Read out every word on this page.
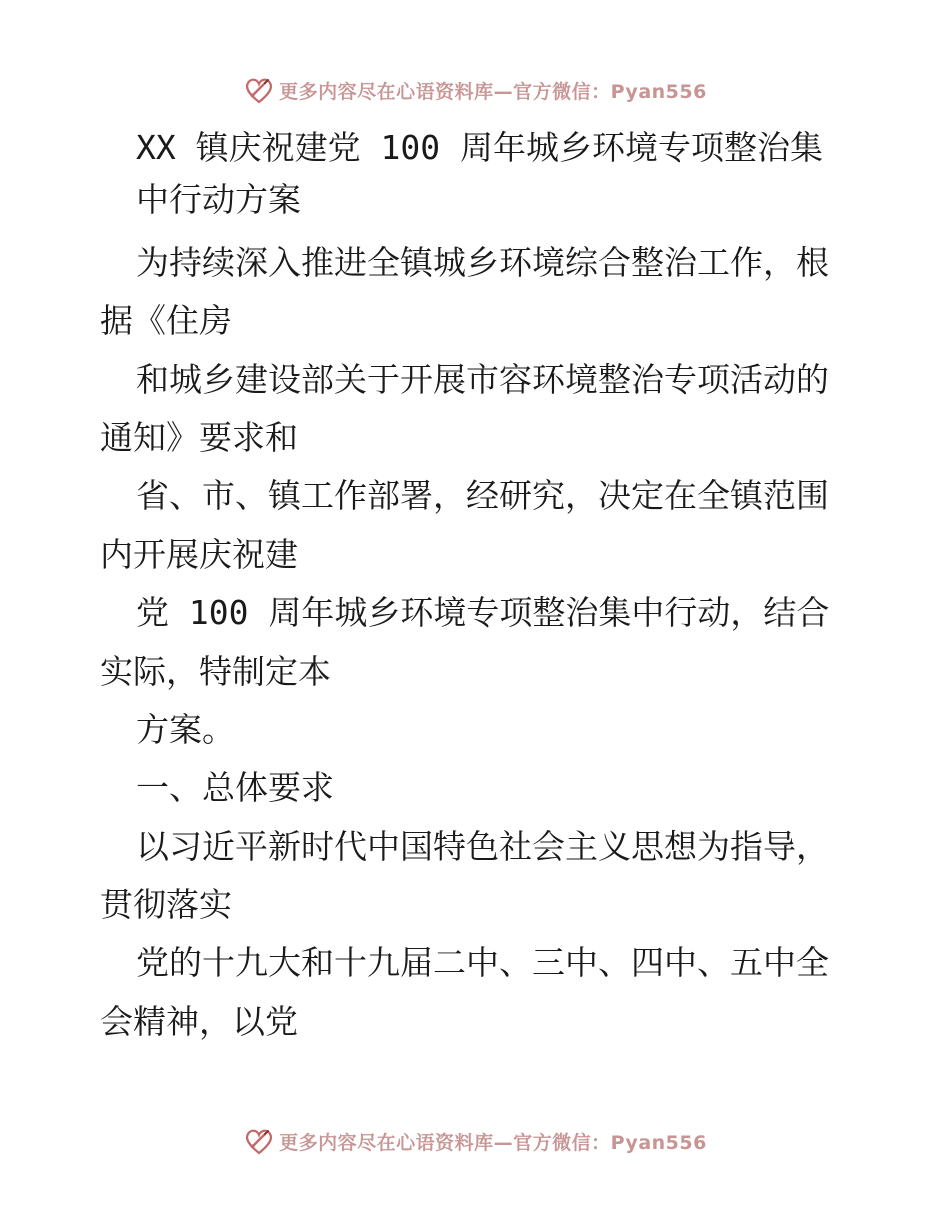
更多内容尽在心语资料库—官方微信：Pyan556
XX 镇庆祝建党 100 周年城乡环境专项整治集
中行动方案
为持续深入推进全镇城乡环境综合整治工作，根
据《住房
和城乡建设部关于开展市容环境整治专项活动的
通知》要求和
省、市、镇工作部署，经研究，决定在全镇范围
内开展庆祝建
党 100 周年城乡环境专项整治集中行动，结合
实际，特制定本
方案。
一、总体要求
以习近平新时代中国特色社会主义思想为指导，
贯彻落实
党的十九大和十九届二中、三中、四中、五中全
会精神，以党
更多内容尽在心语资料库—官方微信：Pyan556
